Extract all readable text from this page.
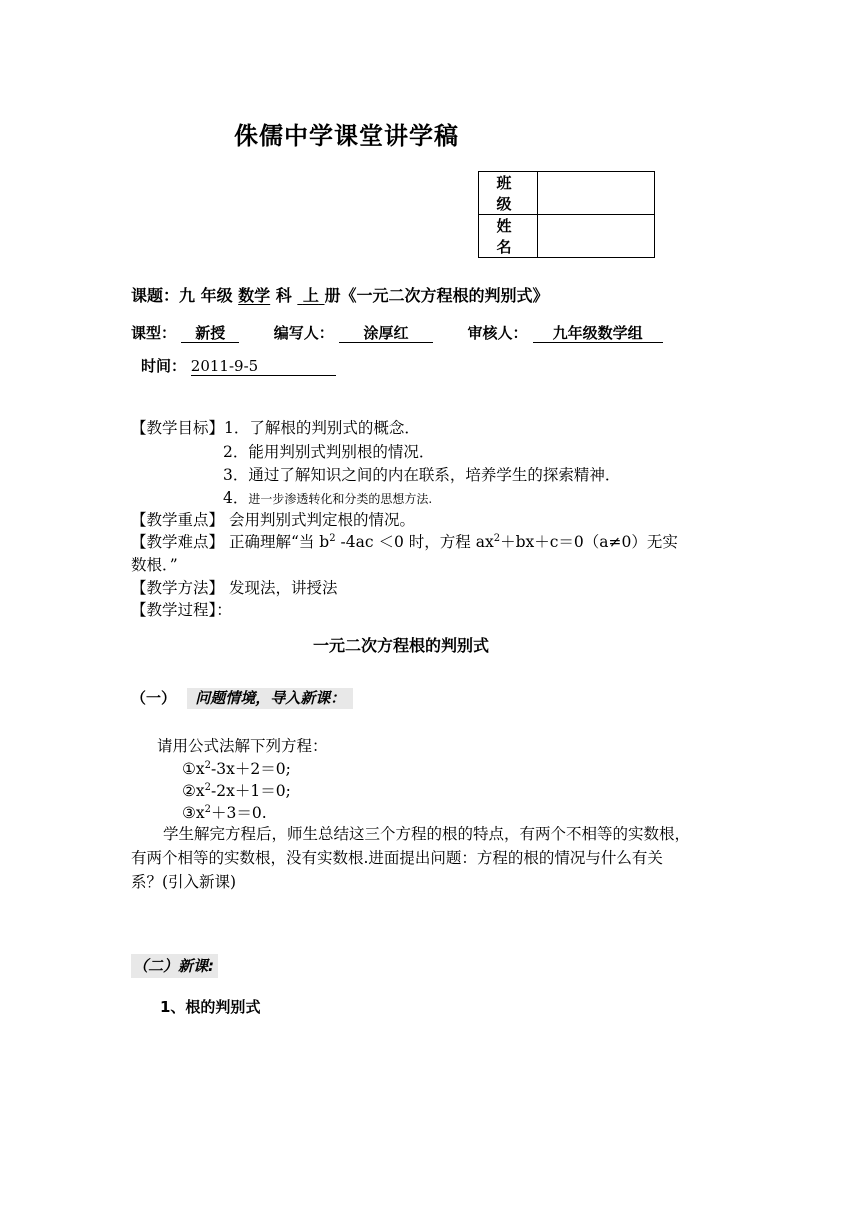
侏儒中学课堂讲学稿
班 级	
姓 名	
课题：九 年级 数学 科 上 册《一元二次方程根的判别式》
课型： 新授	编写人： 涂厚红	审核人： 九年级数学组
时间： 2011-9-5
【教学目标】1．了解根的判别式的概念．
2．能用判别式判别根的情况．
3．通过了解知识之间的内在联系，培养学生的探索精神．
4．进一步渗透转化和分类的思想方法.
【教学重点】 会用判别式判定根的情况。
【教学难点】 正确理解“当 $b^2$ -4ac ＜0 时，方程 $ax^2+bx+c=0(a\ne 0)$无实
数根．”
【教学方法】 发现法，讲授法
【教学过程】：
一元二次方程根的判别式
（一） 问题情境，导入新课：
请用公式法解下列方程：
$①x^2-3x+2=0$;
$②x^2-2x+1=0$;
$③x^2+3=0$.
学生解完方程后，师生总结这三个方程的根的特点，有两个不相等的实数根，
有两个相等的实数根，没有实数根.进面提出问题：方程的根的情况与什么有关
系？(引入新课)
（二）新课:
1、根的判别式
